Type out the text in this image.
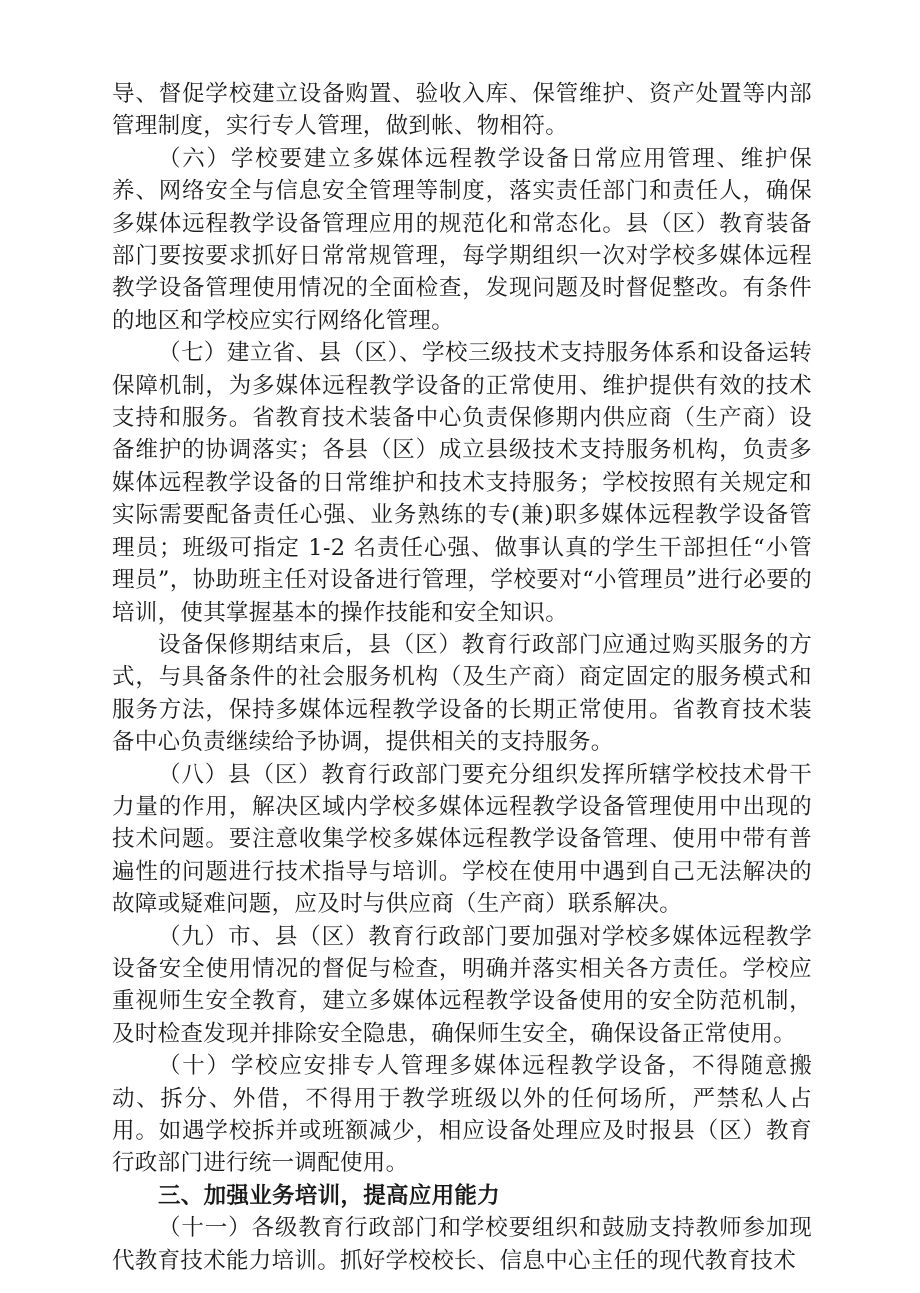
导、督促学校建立设备购置、验收入库、保管维护、资产处置等内部管理制度，实行专人管理，做到帐、物相符。

（六）学校要建立多媒体远程教学设备日常应用管理、维护保养、网络安全与信息安全管理等制度，落实责任部门和责任人，确保多媒体远程教学设备管理应用的规范化和常态化。县（区）教育装备部门要按要求抓好日常常规管理，每学期组织一次对学校多媒体远程教学设备管理使用情况的全面检查，发现问题及时督促整改。有条件的地区和学校应实行网络化管理。

（七）建立省、县（区）、学校三级技术支持服务体系和设备运转保障机制，为多媒体远程教学设备的正常使用、维护提供有效的技术支持和服务。省教育技术装备中心负责保修期内供应商（生产商）设备维护的协调落实；各县（区）成立县级技术支持服务机构，负责多媒体远程教学设备的日常维护和技术支持服务；学校按照有关规定和实际需要配备责任心强、业务熟练的专(兼)职多媒体远程教学设备管理员；班级可指定 1-2 名责任心强、做事认真的学生干部担任“小管理员”，协助班主任对设备进行管理，学校要对“小管理员”进行必要的培训，使其掌握基本的操作技能和安全知识。

设备保修期结束后，县（区）教育行政部门应通过购买服务的方式，与具备条件的社会服务机构（及生产商）商定固定的服务模式和服务方法，保持多媒体远程教学设备的长期正常使用。省教育技术装备中心负责继续给予协调，提供相关的支持服务。

（八）县（区）教育行政部门要充分组织发挥所辖学校技术骨干力量的作用，解决区域内学校多媒体远程教学设备管理使用中出现的技术问题。要注意收集学校多媒体远程教学设备管理、使用中带有普遍性的问题进行技术指导与培训。学校在使用中遇到自己无法解决的故障或疑难问题，应及时与供应商（生产商）联系解决。

（九）市、县（区）教育行政部门要加强对学校多媒体远程教学设备安全使用情况的督促与检查，明确并落实相关各方责任。学校应重视师生安全教育，建立多媒体远程教学设备使用的安全防范机制，及时检查发现并排除安全隐患，确保师生安全，确保设备正常使用。

（十）学校应安排专人管理多媒体远程教学设备，不得随意搬动、拆分、外借，不得用于教学班级以外的任何场所，严禁私人占用。如遇学校拆并或班额减少，相应设备处理应及时报县（区）教育行政部门进行统一调配使用。

三、加强业务培训，提高应用能力

（十一）各级教育行政部门和学校要组织和鼓励支持教师参加现代教育技术能力培训。抓好学校校长、信息中心主任的现代教育技术
